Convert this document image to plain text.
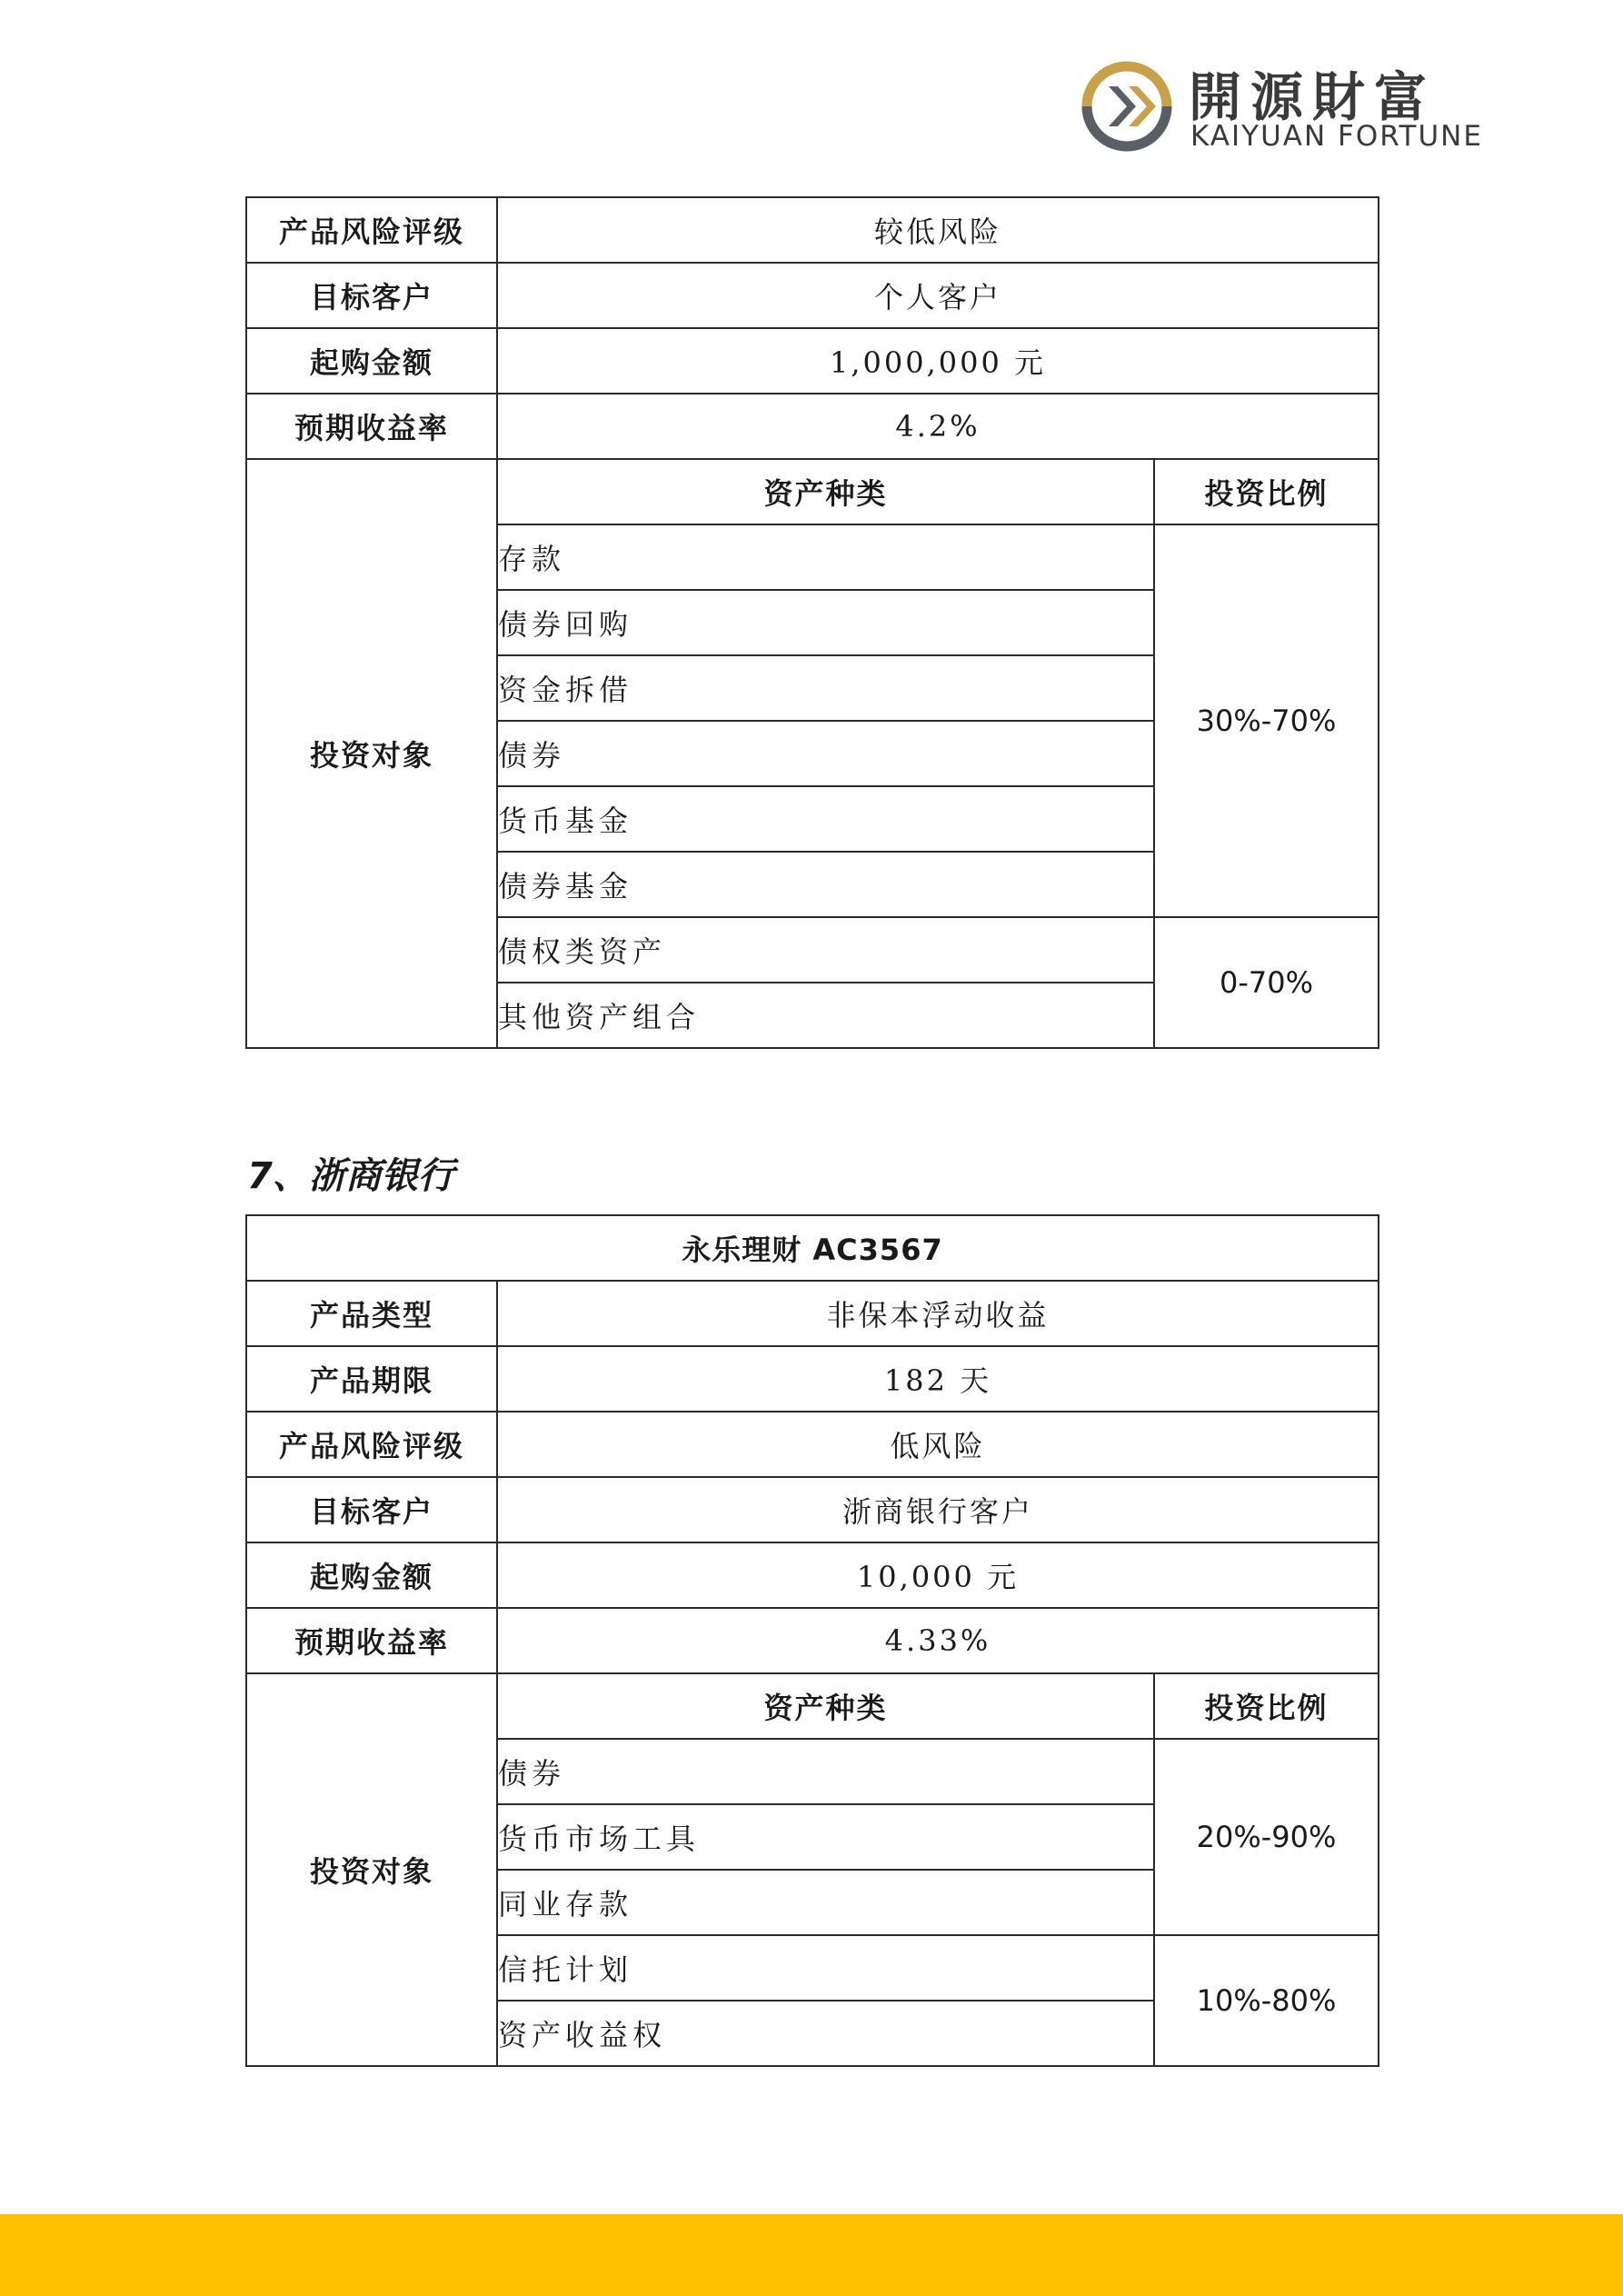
開源財富
KAIYUAN FORTUNE
产品风险评级	较低风险	
目标客户	个人客户	
起购金额	1,000,000 元	
预期收益率	4.2%	
投资对象	资产种类	投资比例
	存款	30%-70%
	债券回购	
	资金拆借	
	债券	
	货币基金	
	债券基金	
	债权类资产	0-70%
	其他资产组合	
7、浙商银行
永乐理财 AC3567		
产品类型	非保本浮动收益	
产品期限	182 天	
产品风险评级	低风险	
目标客户	浙商银行客户	
起购金额	10,000 元	
预期收益率	4.33%	
投资对象	资产种类	投资比例
	债券	20%-90%
	货币市场工具	
	同业存款	
	信托计划	10%-80%
	资产收益权	
